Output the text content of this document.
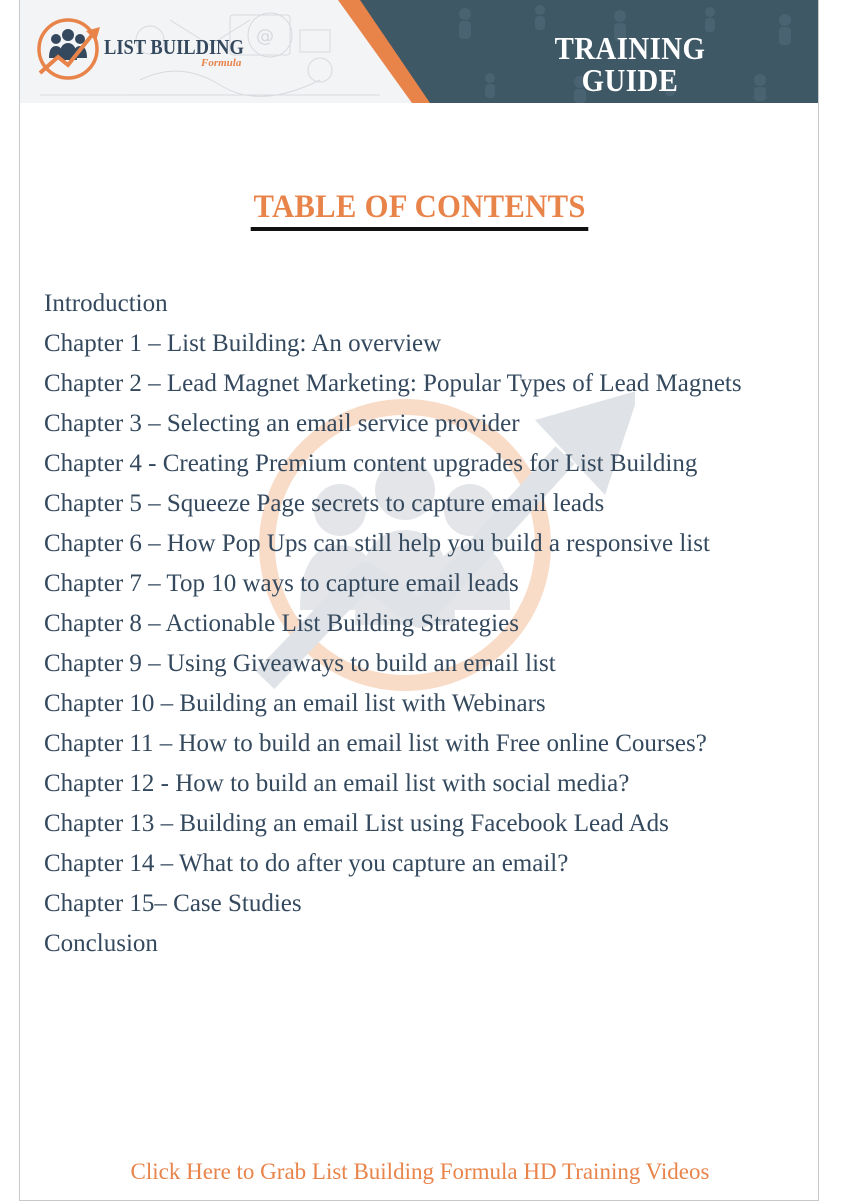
@
LIST BUILDING
Formula	TRAINING GUIDE
TABLE OF CONTENTS
Introduction
Chapter 1 – List Building: An overview
Chapter 2 – Lead Magnet Marketing: Popular Types of Lead Magnets
Chapter 3 – Selecting an email service provider
Chapter 4 - Creating Premium content upgrades for List Building
Chapter 5 – Squeeze Page secrets to capture email leads
Chapter 6 – How Pop Ups can still help you build a responsive list
Chapter 7 – Top 10 ways to capture email leads
Chapter 8 – Actionable List Building Strategies
Chapter 9 – Using Giveaways to build an email list
Chapter 10 – Building an email list with Webinars
Chapter 11 – How to build an email list with Free online Courses?
Chapter 12 - How to build an email list with social media?
Chapter 13 – Building an email List using Facebook Lead Ads
Chapter 14 – What to do after you capture an email?
Chapter 15– Case Studies
Conclusion
Click Here to Grab List Building Formula HD Training Videos
